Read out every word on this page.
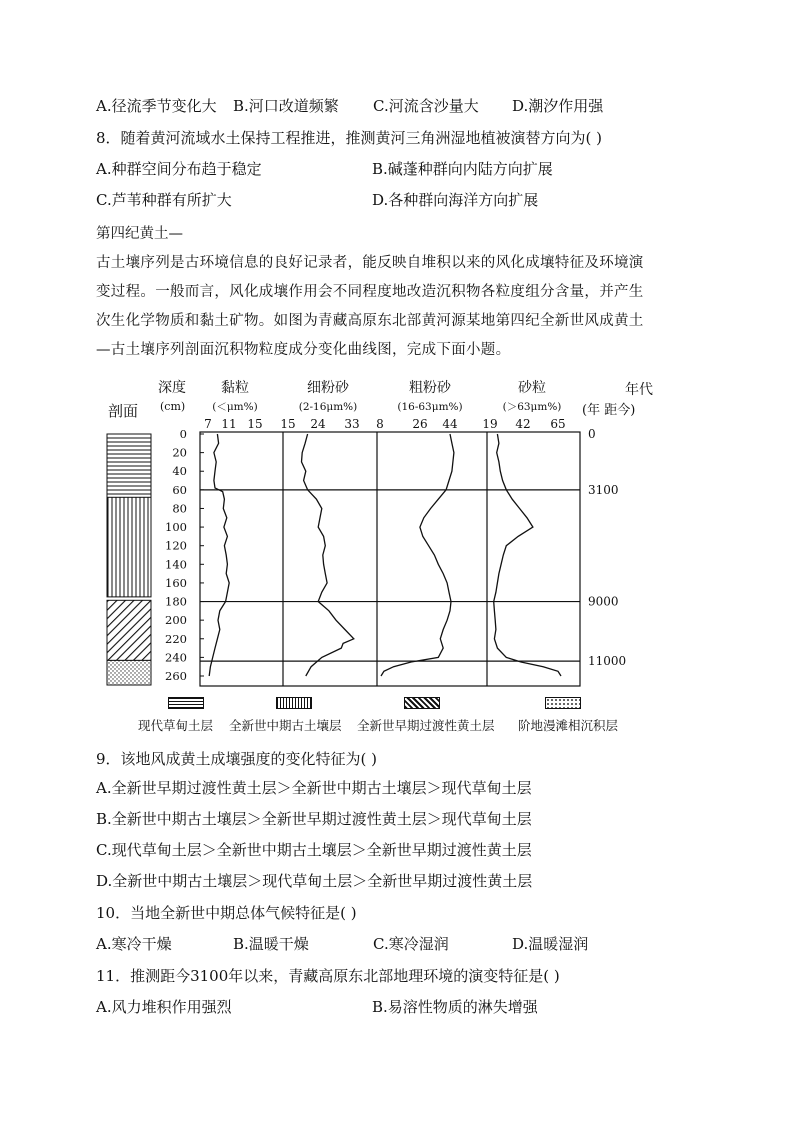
A.径流季节变化大 B.河口改道频繁 C.河流含沙量大 D.潮汐作用强
8．随着黄河流域水土保持工程推进，推测黄河三角洲湿地植被演替方向为( )
A.种群空间分布趋于稳定	B.碱蓬种群向内陆方向扩展
C.芦苇种群有所扩大	D.各种群向海洋方向扩展
第四纪黄土—
古土壤序列是古环境信息的良好记录者，能反映自堆积以来的风化成壤特征及环境演
变过程。一般而言，风化成壤作用会不同程度地改造沉积物各粒度组分含量，并产生
次生化学物质和黏土矿物。如图为青藏高原东北部黄河源某地第四纪全新世风成黄土
—古土壤序列剖面沉积物粒度成分变化曲线图，完成下面小题。
深度
(cm)
剖面
年代
(年 距今)
黏粒
(＜μm%)
细粉砂
(2-16μm%)
粗粉砂
(16-63μm%)
砂粒
(＞63μm%)
7 11 15 15 24 33 8 26 44 19 42 65
0
20
40
60
80
100
120
140
160
180
200
220
240
260
0
3100
9000
11000
现代草甸土层 全新世中期古土壤层 全新世早期过渡性黄土层 阶地漫滩相沉积层
9．该地风成黄土成壤强度的变化特征为( )
A.全新世早期过渡性黄土层＞全新世中期古土壤层＞现代草甸土层
B.全新世中期古土壤层＞全新世早期过渡性黄土层＞现代草甸土层
C.现代草甸土层＞全新世中期古土壤层＞全新世早期过渡性黄土层
D.全新世中期古土壤层＞现代草甸土层＞全新世早期过渡性黄土层
10．当地全新世中期总体气候特征是( )
A.寒冷干燥	B.温暖干燥	C.寒冷湿润	D.温暖湿润
11．推测距今3100年以来，青藏高原东北部地理环境的演变特征是( )
A.风力堆积作用强烈	B.易溶性物质的淋失增强
